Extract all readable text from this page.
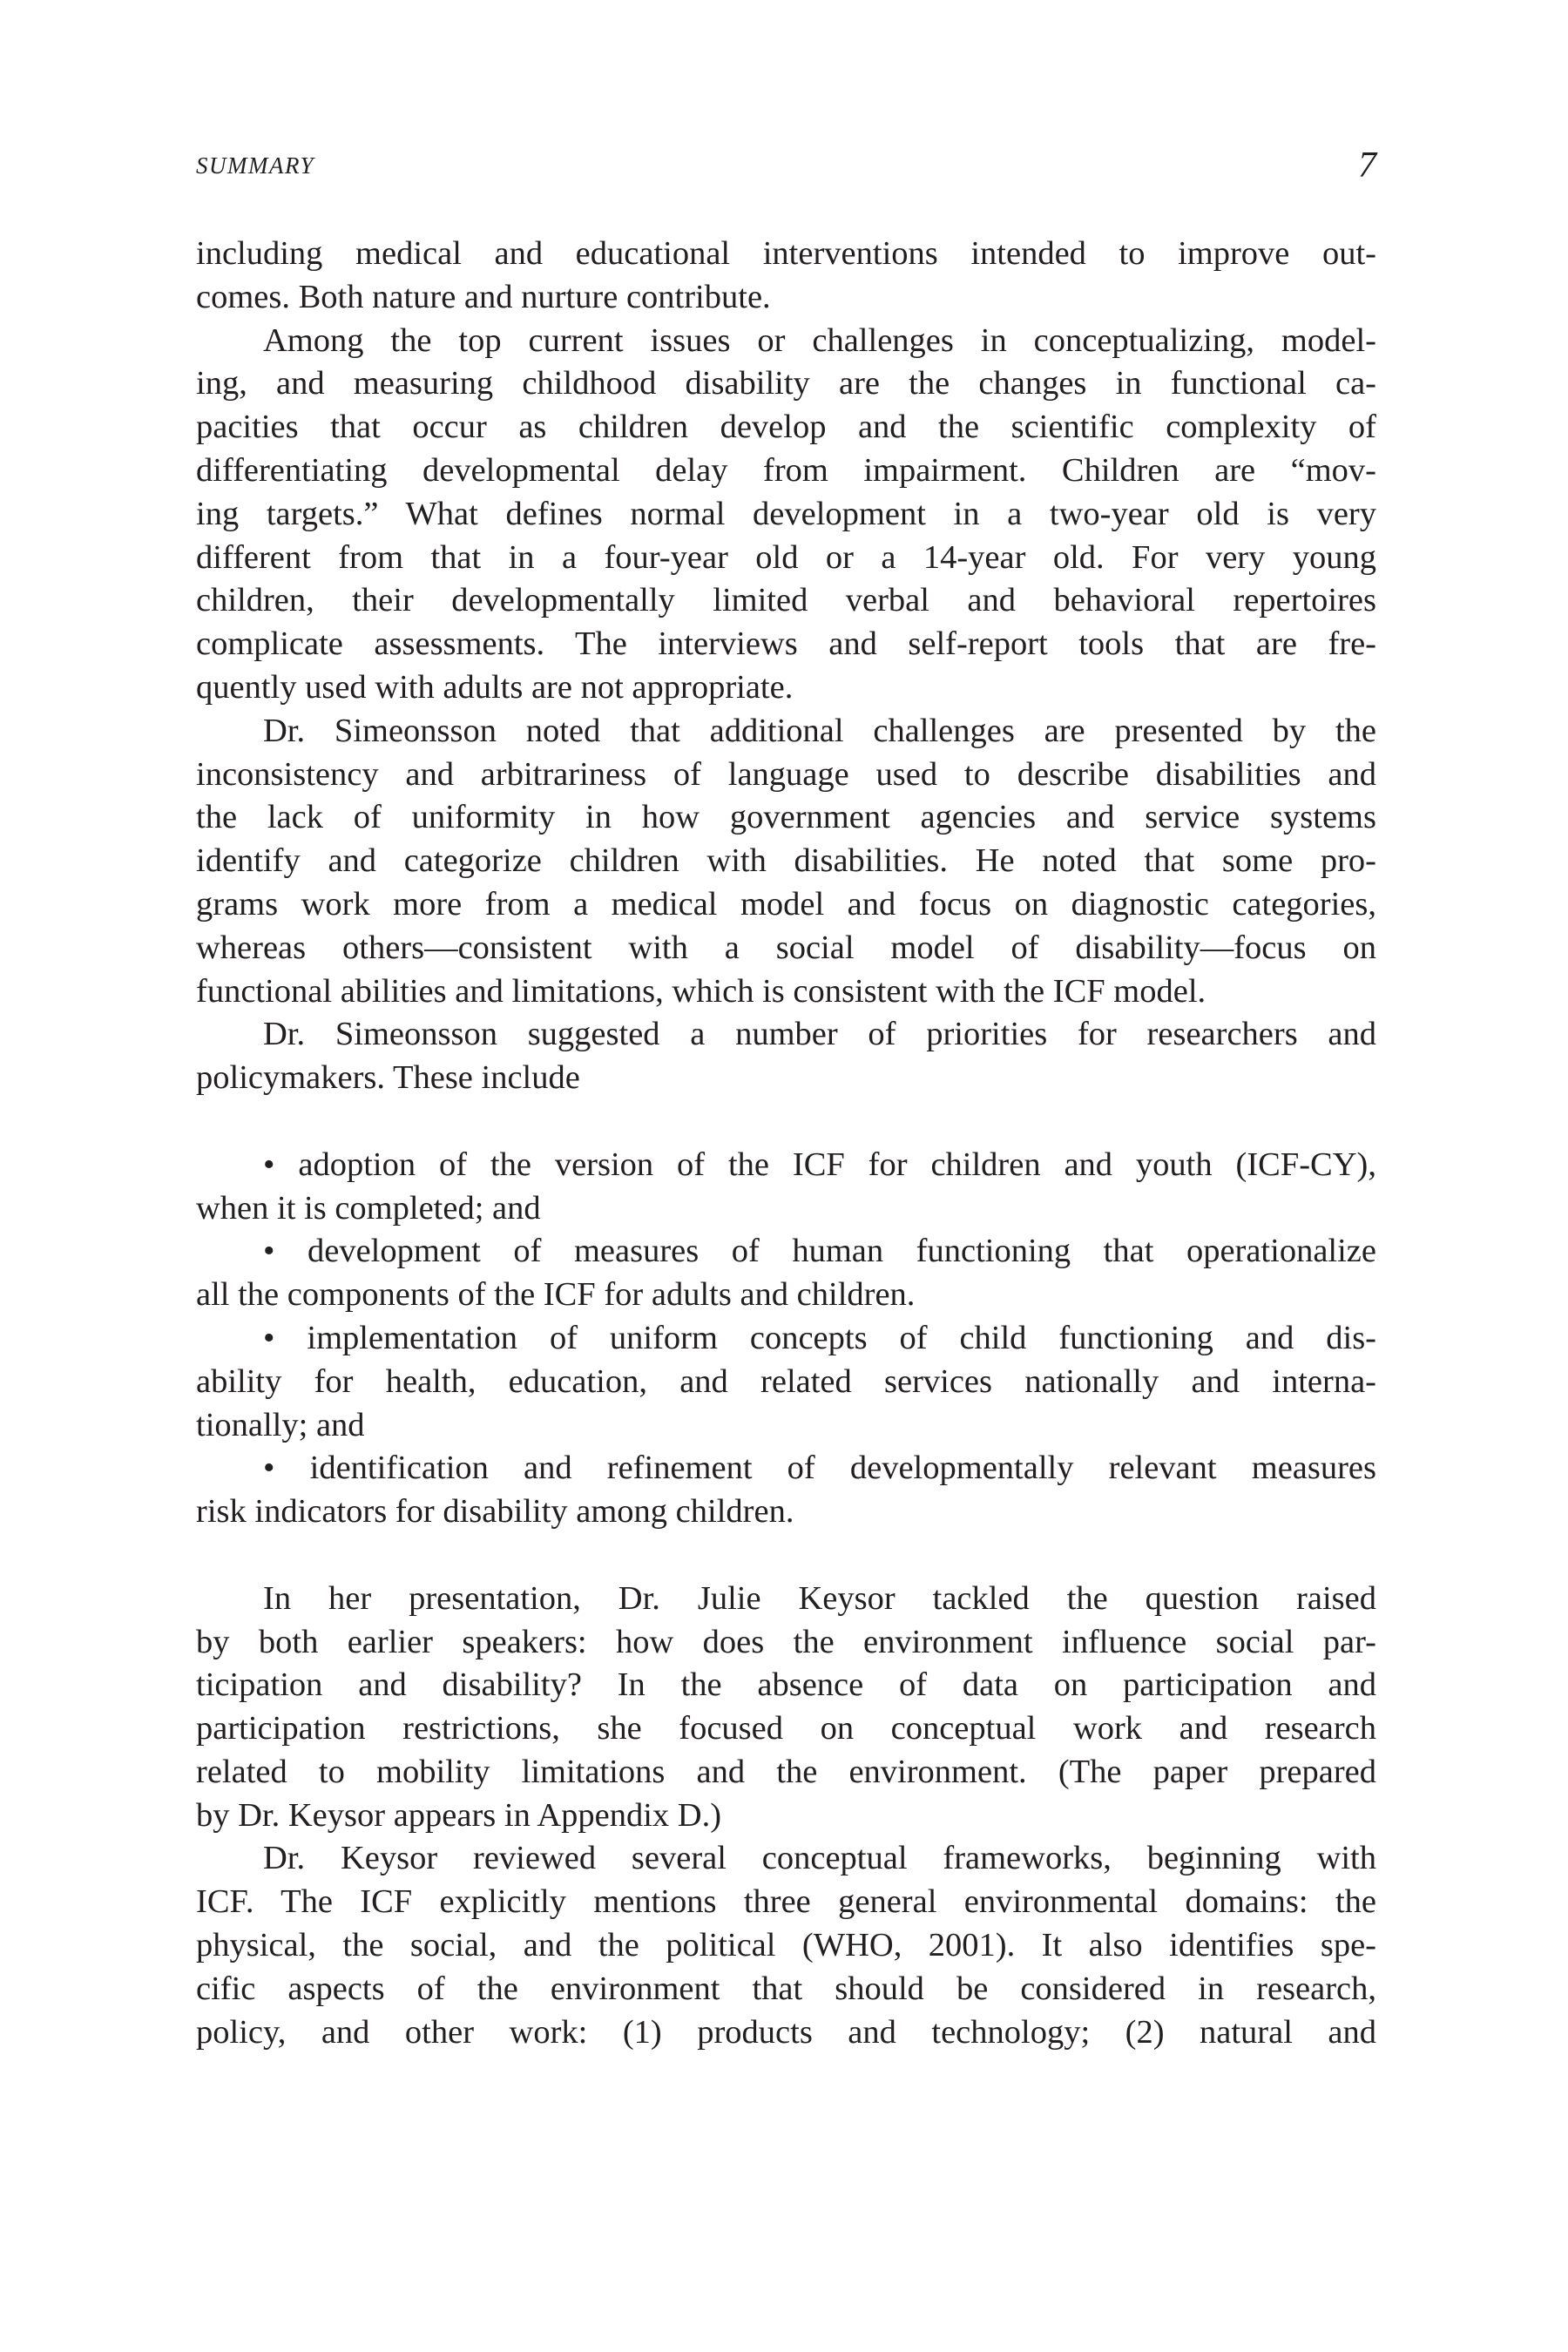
SUMMARY	7
including medical and educational interventions intended to improve out-
comes. Both nature and nurture contribute.
Among the top current issues or challenges in conceptualizing, model-
ing, and measuring childhood disability are the changes in functional ca-
pacities that occur as children develop and the scientific complexity of
differentiating developmental delay from impairment. Children are “mov-
ing targets.” What defines normal development in a two-year old is very
different from that in a four-year old or a 14-year old. For very young
children, their developmentally limited verbal and behavioral repertoires
complicate assessments. The interviews and self-report tools that are fre-
quently used with adults are not appropriate.
Dr. Simeonsson noted that additional challenges are presented by the
inconsistency and arbitrariness of language used to describe disabilities and
the lack of uniformity in how government agencies and service systems
identify and categorize children with disabilities. He noted that some pro-
grams work more from a medical model and focus on diagnostic categories,
whereas others—consistent with a social model of disability—focus on
functional abilities and limitations, which is consistent with the ICF model.
Dr. Simeonsson suggested a number of priorities for researchers and
policymakers. These include
• adoption of the version of the ICF for children and youth (ICF-CY),
when it is completed; and
• development of measures of human functioning that operationalize
all the components of the ICF for adults and children.
• implementation of uniform concepts of child functioning and dis-
ability for health, education, and related services nationally and interna-
tionally; and
• identification and refinement of developmentally relevant measures
risk indicators for disability among children.
In her presentation, Dr. Julie Keysor tackled the question raised
by both earlier speakers: how does the environment influence social par-
ticipation and disability? In the absence of data on participation and
participation restrictions, she focused on conceptual work and research
related to mobility limitations and the environment. (The paper prepared
by Dr. Keysor appears in Appendix D.)
Dr. Keysor reviewed several conceptual frameworks, beginning with
ICF. The ICF explicitly mentions three general environmental domains: the
physical, the social, and the political (WHO, 2001). It also identifies spe-
cific aspects of the environment that should be considered in research,
policy, and other work: (1) products and technology; (2) natural and
